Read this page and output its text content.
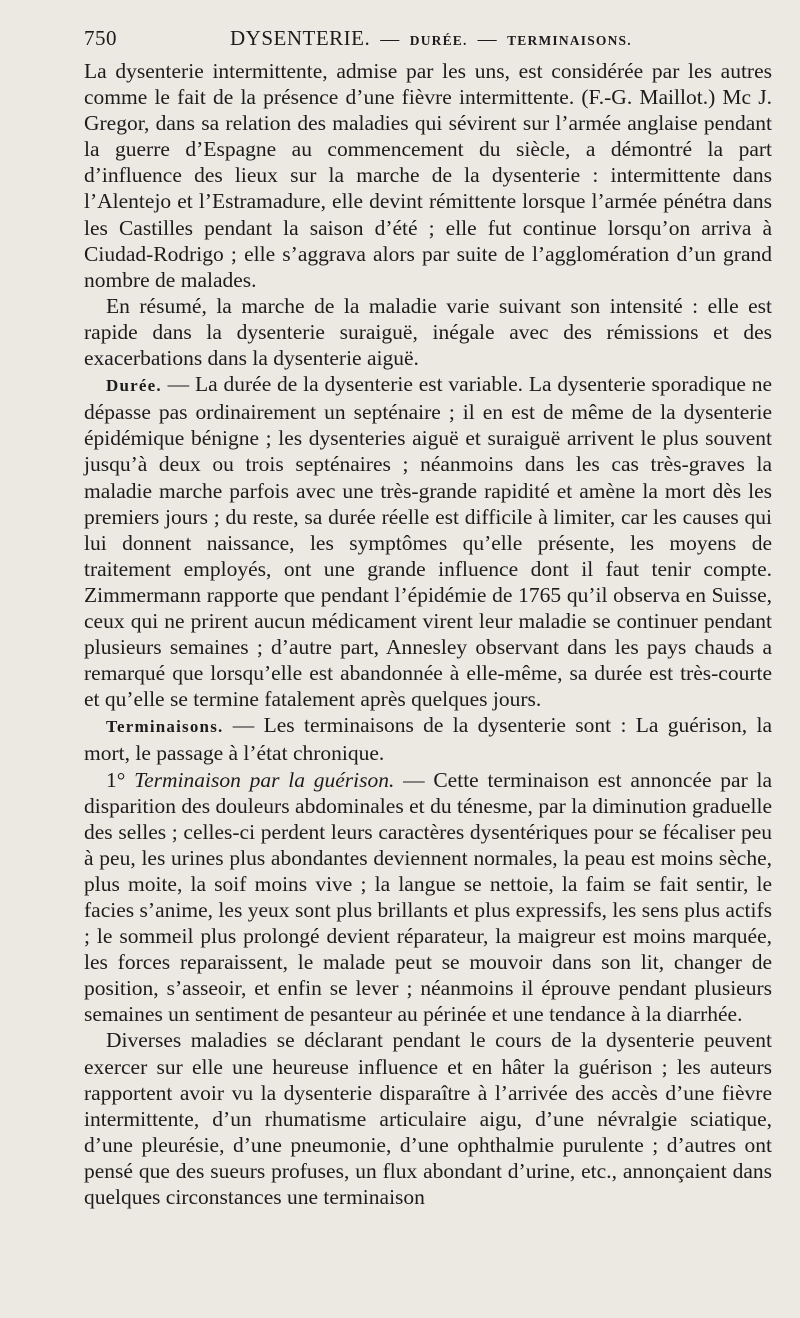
750	DYSENTERIE. — DURÉE. — TERMINAISONS.

La dysenterie intermittente, admise par les uns, est considérée par les autres comme le fait de la présence d’une fièvre intermittente. (F.-G. Maillot.) Mc J. Gregor, dans sa relation des maladies qui sévirent sur l’armée anglaise pendant la guerre d’Espagne au commencement du siècle, a démontré la part d’influence des lieux sur la marche de la dysenterie : intermittente dans l’Alentejo et l’Estramadure, elle devint rémittente lorsque l’armée pénétra dans les Castilles pendant la saison d’été ; elle fut continue lorsqu’on arriva à Ciudad-Rodrigo ; elle s’aggrava alors par suite de l’agglomération d’un grand nombre de malades.

En résumé, la marche de la maladie varie suivant son intensité : elle est rapide dans la dysenterie suraiguë, inégale avec des rémissions et des exacerbations dans la dysenterie aiguë.

Durée. — La durée de la dysenterie est variable. La dysenterie sporadique ne dépasse pas ordinairement un septénaire ; il en est de même de la dysenterie épidémique bénigne ; les dysenteries aiguë et suraiguë arrivent le plus souvent jusqu’à deux ou trois septénaires ; néanmoins dans les cas très-graves la maladie marche parfois avec une très-grande rapidité et amène la mort dès les premiers jours ; du reste, sa durée réelle est difficile à limiter, car les causes qui lui donnent naissance, les symptômes qu’elle présente, les moyens de traitement employés, ont une grande influence dont il faut tenir compte. Zimmermann rapporte que pendant l’épidémie de 1765 qu’il observa en Suisse, ceux qui ne prirent aucun médicament virent leur maladie se continuer pendant plusieurs semaines ; d’autre part, Annesley observant dans les pays chauds a remarqué que lorsqu’elle est abandonnée à elle-même, sa durée est très-courte et qu’elle se termine fatalement après quelques jours.

Terminaisons. — Les terminaisons de la dysenterie sont : La guérison, la mort, le passage à l’état chronique.

1° Terminaison par la guérison. — Cette terminaison est annoncée par la disparition des douleurs abdominales et du ténesme, par la diminution graduelle des selles ; celles-ci perdent leurs caractères dysentériques pour se fécaliser peu à peu, les urines plus abondantes deviennent normales, la peau est moins sèche, plus moite, la soif moins vive ; la langue se nettoie, la faim se fait sentir, le facies s’anime, les yeux sont plus brillants et plus expressifs, les sens plus actifs ; le sommeil plus prolongé devient réparateur, la maigreur est moins marquée, les forces reparaissent, le malade peut se mouvoir dans son lit, changer de position, s’asseoir, et enfin se lever ; néanmoins il éprouve pendant plusieurs semaines un sentiment de pesanteur au périnée et une tendance à la diarrhée.

Diverses maladies se déclarant pendant le cours de la dysenterie peuvent exercer sur elle une heureuse influence et en hâter la guérison ; les auteurs rapportent avoir vu la dysenterie disparaître à l’arrivée des accès d’une fièvre intermittente, d’un rhumatisme articulaire aigu, d’une névralgie sciatique, d’une pleurésie, d’une pneumonie, d’une ophthalmie purulente ; d’autres ont pensé que des sueurs profuses, un flux abondant d’urine, etc., annonçaient dans quelques circonstances une terminaison
